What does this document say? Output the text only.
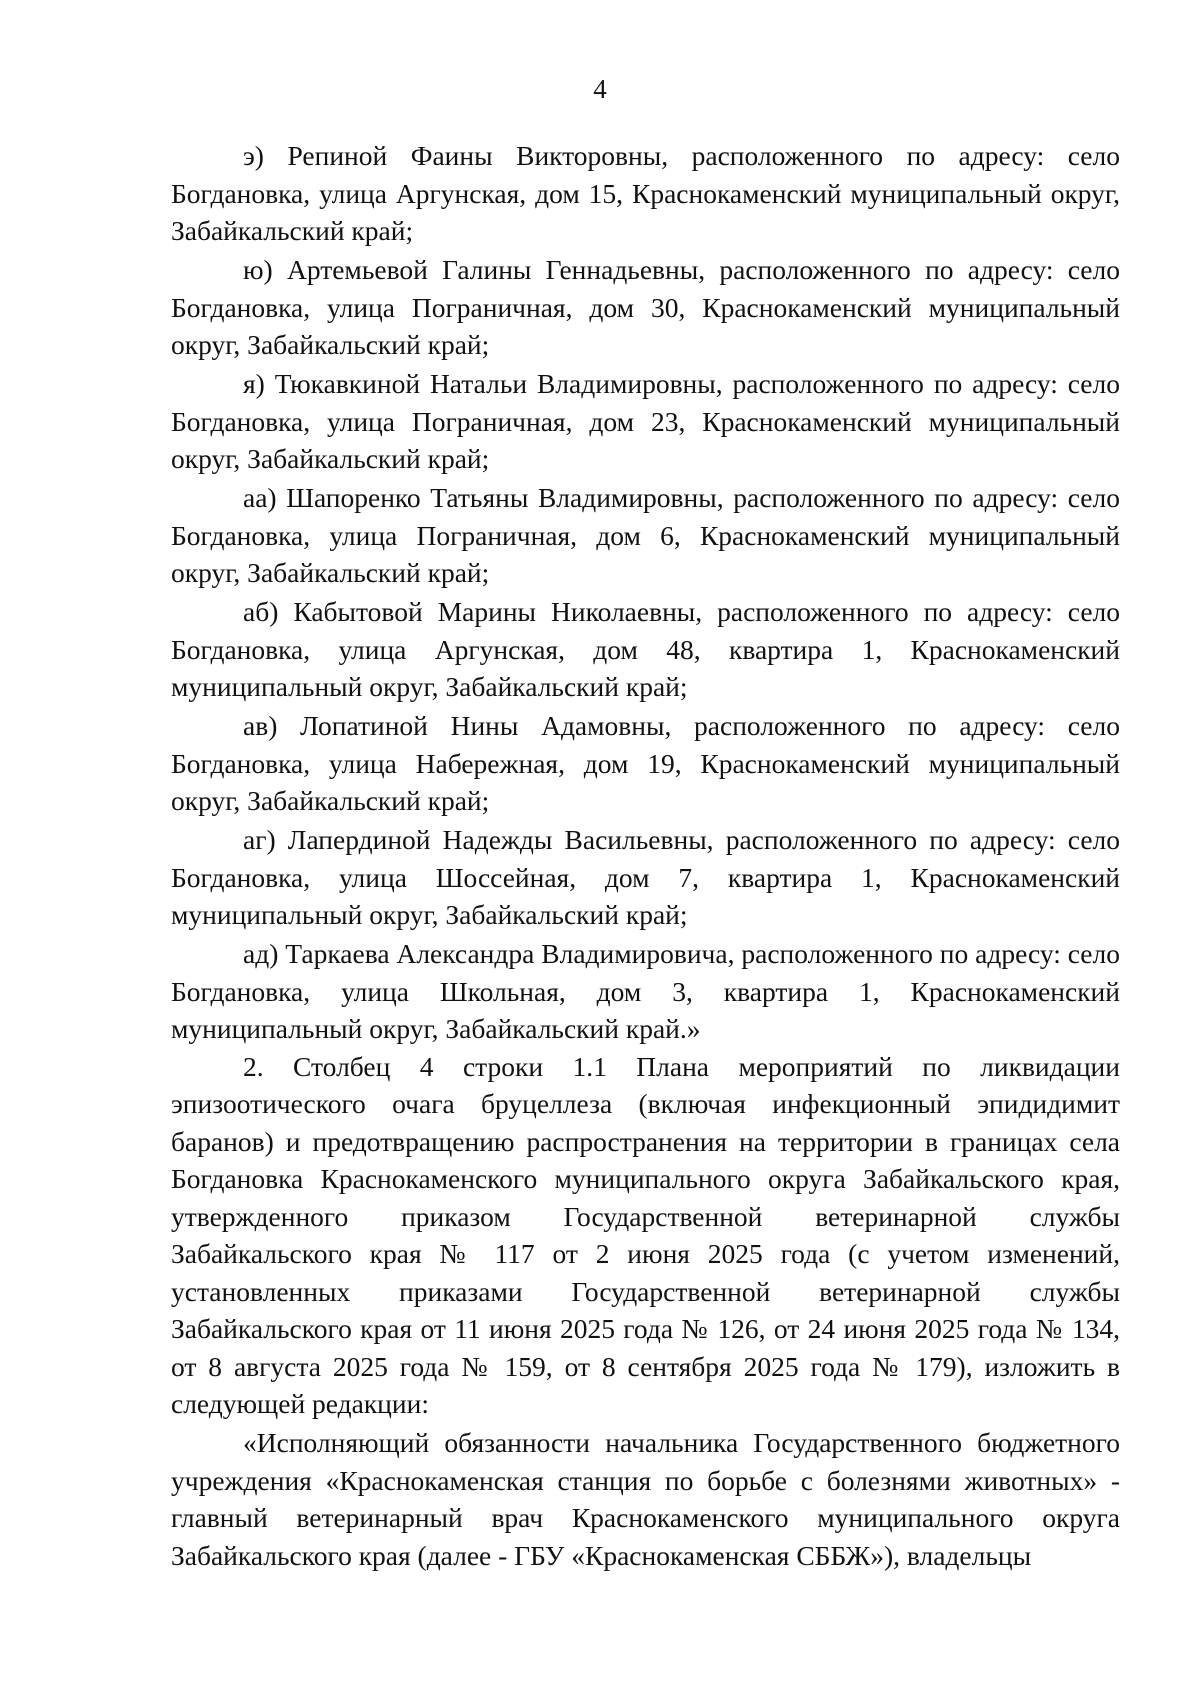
4

э) Репиной Фаины Викторовны, расположенного по адресу: село Богдановка, улица Аргунская, дом 15, Краснокаменский муниципальный округ, Забайкальский край;

ю) Артемьевой Галины Геннадьевны, расположенного по адресу: село Богдановка, улица Пограничная, дом 30, Краснокаменский муниципальный округ, Забайкальский край;

я) Тюкавкиной Натальи Владимировны, расположенного по адресу: село Богдановка, улица Пограничная, дом 23, Краснокаменский муниципальный округ, Забайкальский край;

аа) Шапоренко Татьяны Владимировны, расположенного по адресу: село Богдановка, улица Пограничная, дом 6, Краснокаменский муниципальный округ, Забайкальский край;

аб) Кабытовой Марины Николаевны, расположенного по адресу: село Богдановка, улица Аргунская, дом 48, квартира 1, Краснокаменский муниципальный округ, Забайкальский край;

ав) Лопатиной Нины Адамовны, расположенного по адресу: село Богдановка, улица Набережная, дом 19, Краснокаменский муниципальный округ, Забайкальский край;

аг) Лапердиной Надежды Васильевны, расположенного по адресу: село Богдановка, улица Шоссейная, дом 7, квартира 1, Краснокаменский муниципальный округ, Забайкальский край;

ад) Таркаева Александра Владимировича, расположенного по адресу: село Богдановка, улица Школьная, дом 3, квартира 1, Краснокаменский муниципальный округ, Забайкальский край.»

2. Столбец 4 строки 1.1 Плана мероприятий по ликвидации эпизоотического очага бруцеллеза (включая инфекционный эпидидимит баранов) и предотвращению распространения на территории в границах села Богдановка Краснокаменского муниципального округа Забайкальского края, утвержденного приказом Государственной ветеринарной службы Забайкальского края № 117 от 2 июня 2025 года (с учетом изменений, установленных приказами Государственной ветеринарной службы Забайкальского края от 11 июня 2025 года № 126, от 24 июня 2025 года № 134, от 8 августа 2025 года № 159, от 8 сентября 2025 года № 179), изложить в следующей редакции:

«Исполняющий обязанности начальника Государственного бюджетного учреждения «Краснокаменская станция по борьбе с болезнями животных» - главный ветеринарный врач Краснокаменского муниципального округа Забайкальского края (далее - ГБУ «Краснокаменская СББЖ»), владельцы
